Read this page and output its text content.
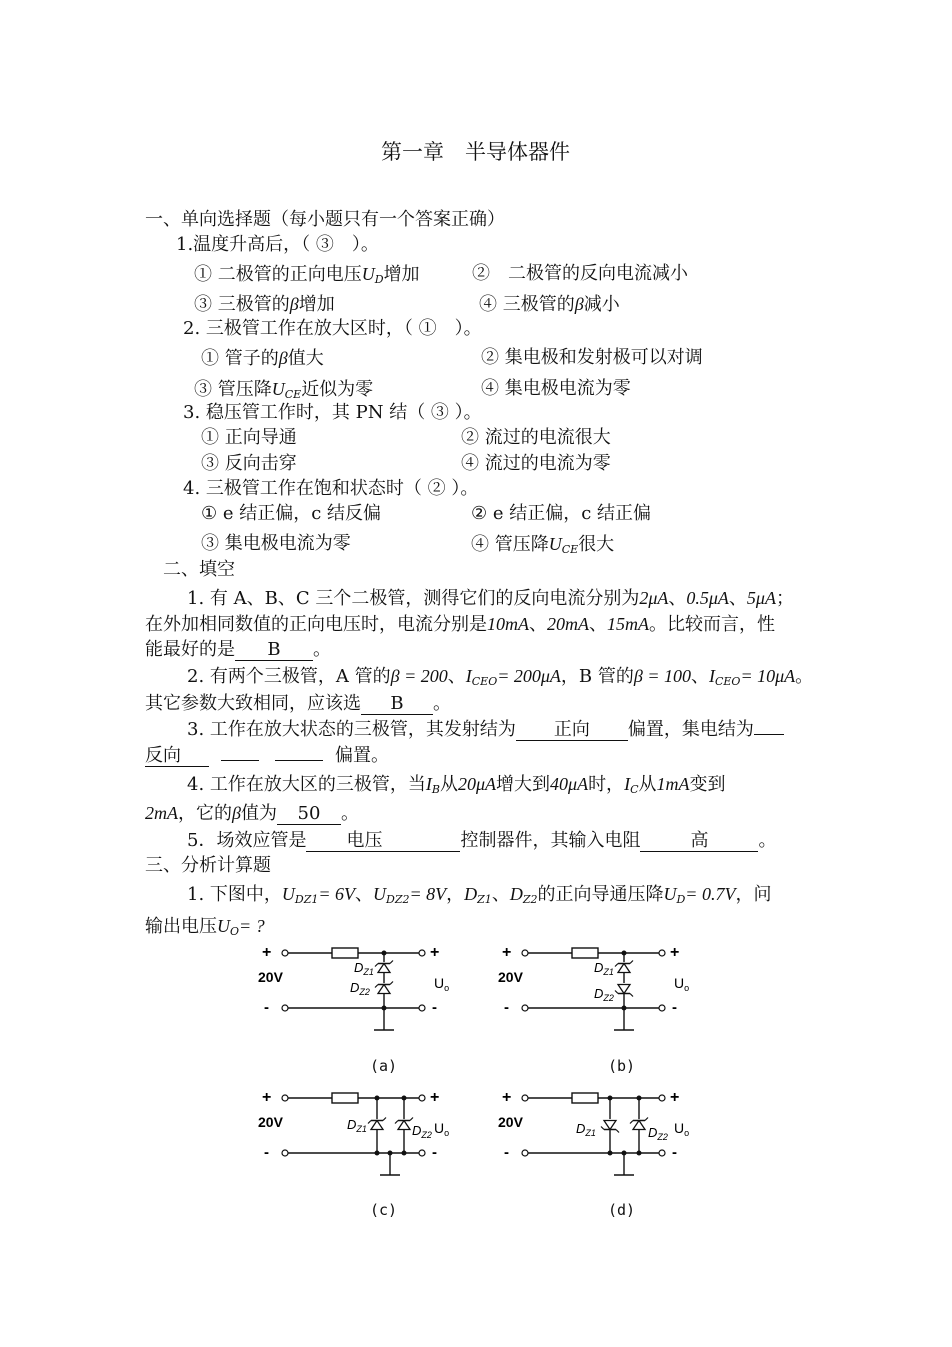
第一章　半导体器件
一、单向选择题（每小题只有一个答案正确）
1.温度升高后，（ ③　）。
① 二极管的正向电压$U_D$增加	②　二极管的反向电流减小
③ 三极管的β增加	④ 三极管的β减小
2. 三极管工作在放大区时，（ ①　）。
① 管子的β值大	② 集电极和发射极可以对调
③ 管压降$U_{CE}$近似为零	④ 集电极电流为零
3. 稳压管工作时，其 PN 结（ ③ ）。
① 正向导通	② 流过的电流很大
③ 反向击穿	④ 流过的电流为零
4. 三极管工作在饱和状态时（ ② ）。
① e 结正偏，c 结反偏	② e 结正偏，c 结正偏
③ 集电极电流为零	④ 管压降$U_{CE}$很大
二、填空
1. 有 A、B、C 三个二极管，测得它们的反向电流分别为2μA、0.5μA、5μA；
在外加相同数值的正向电压时，电流分别是10mA、20mA、15mA。比较而言，性
能最好的是 B 。
2. 有两个三极管，A 管的β = 200、$I_{CEO}= 200\mu A$，B 管的β = 100、$I_{CEO}= 10\mu A$。
其它参数大致相同，应该选 B 。
3. 工作在放大状态的三极管，其发射结为 正向 偏置，集电结为
反向	偏置。
4. 工作在放大区的三极管，当$I_B$从20μA增大到40μA时，$I_C$从1mA变到
2mA，它的β值为 50 。
5．场效应管是 电压	控制器件，其输入电阻	高	。
三、分析计算题
1. 下图中，$U_{DZ1}= 6V$、$U_{DZ2}= 8V$，$D_{Z1}$、$D_{Z2}$的正向导通压降$U_D= 0.7V$，问
输出电压$U_O=$ ?
+
-
20V
+
-
$U_o$
$D_{Z1}$
$D_{Z2}$
+
-
20V
+
-
$U_o$
$D_{Z1}$
$D_{Z2}$
+
-
20V
+
-
$U_o$
$D_{Z1}$	$D_{Z2}$
+
-
20V
+
-
$U_o$
$D_{Z1}$	$D_{Z2}$
(a)	(b)
(c)	(d)
